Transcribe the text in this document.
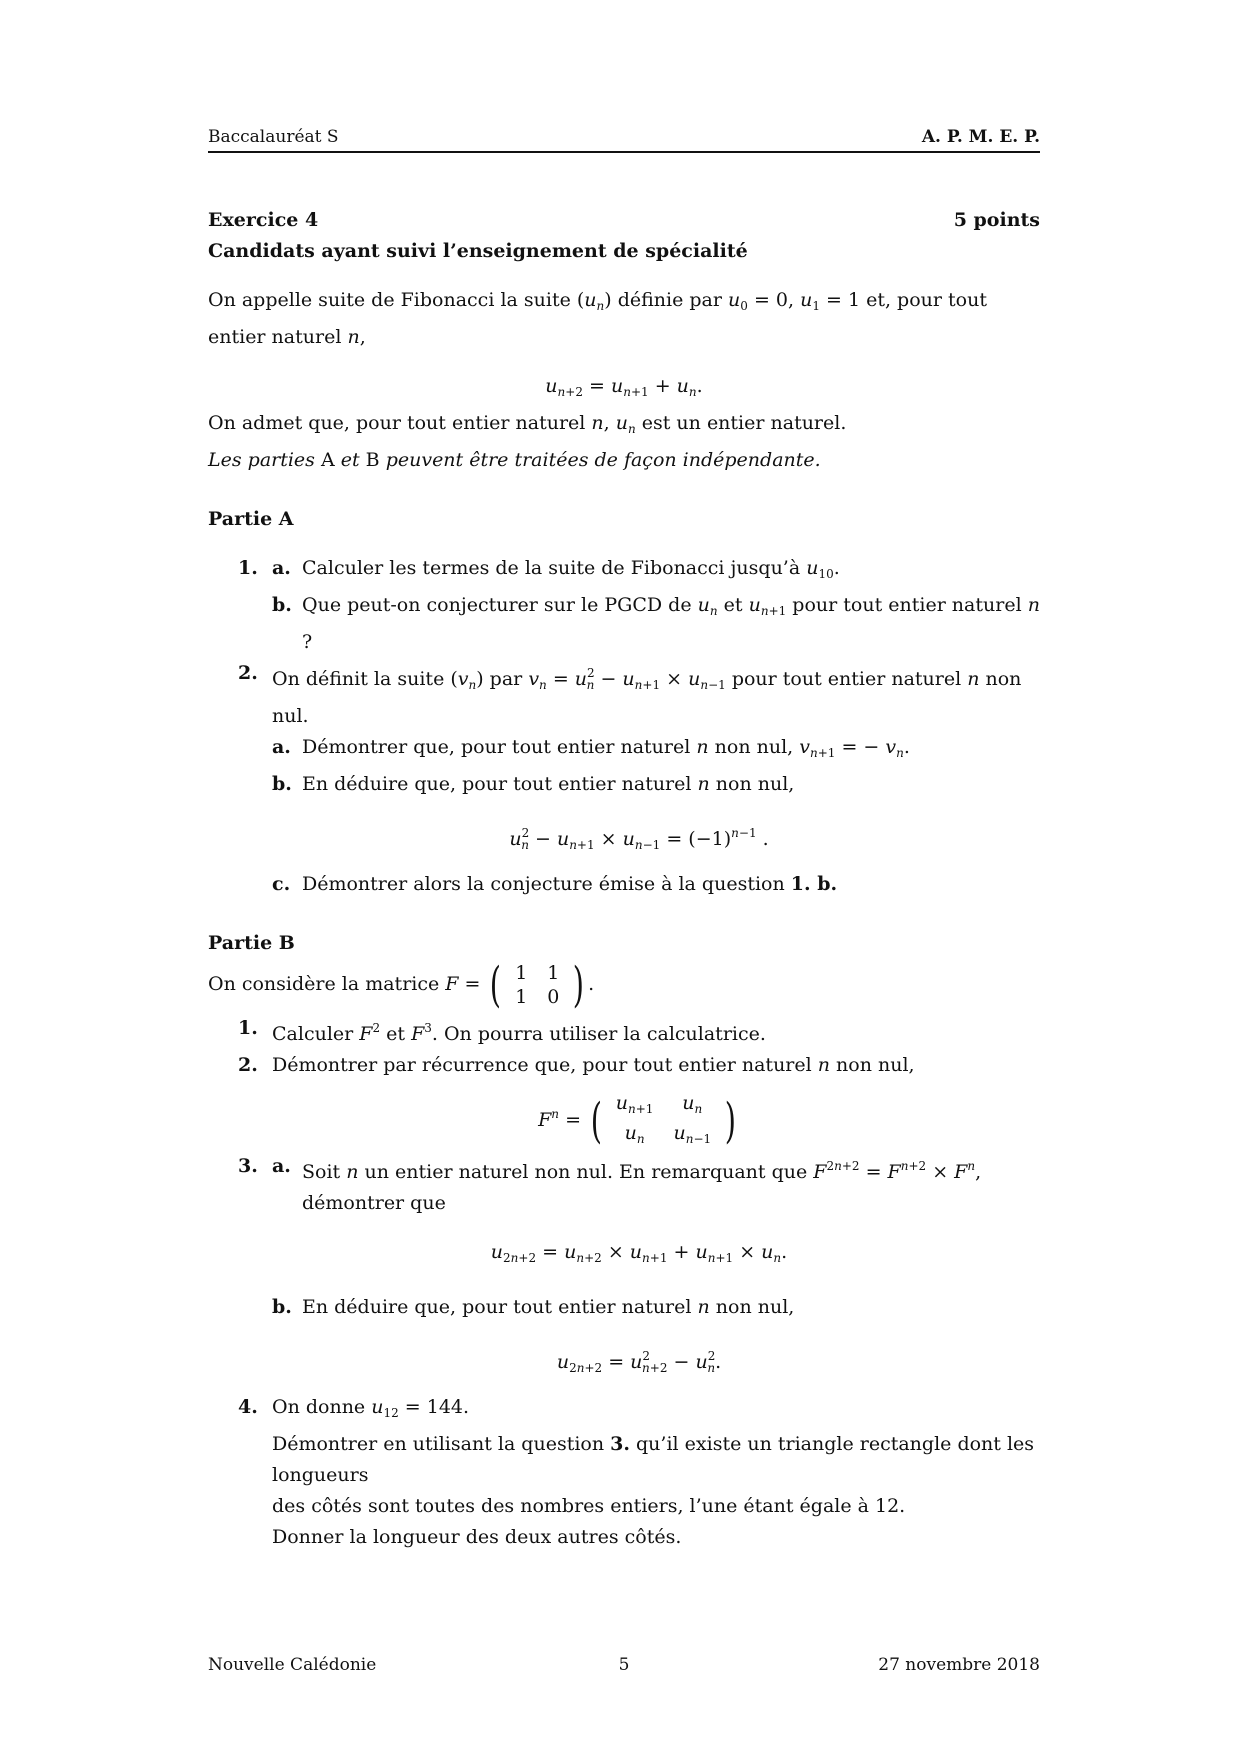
Baccalauréat S	A. P. M. E. P.
Exercice 4	5 points
Candidats ayant suivi l’enseignement de spécialité
On appelle suite de Fibonacci la suite $(u_n)$ définie par $u_0 = 0$, $u_1 = 1$ et, pour tout entier naturel n,
$u_{n+2} = u_{n+1} + u_n$.
On admet que, pour tout entier naturel n, $u_n$ est un entier naturel.
Les parties A et B peuvent être traitées de façon indépendante.
Partie A
1. a. Calculer les termes de la suite de Fibonacci jusqu’à $u_{10}$.
b. Que peut-on conjecturer sur le PGCD de $u_n$ et $u_{n+1}$ pour tout entier naturel n ?
2. On définit la suite $(v_n)$ par $v_n = u^2_n - u_{n+1} \times u_{n-1}$ pour tout entier naturel n non nul.
a. Démontrer que, pour tout entier naturel n non nul, $v_{n+1}$ = − $v_n$.
b. En déduire que, pour tout entier naturel n non nul,
$u^2_n - u_{n+1} \times u_{n-1} = (-1)^{n-1}$ .
c. Démontrer alors la conjecture émise à la question 1. b.
Partie B
On considère la matrice F = ( 1	1
1	0 ) .
1. Calculer $F^2$ et $F^3$. On pourra utiliser la calculatrice.
2. Démontrer par récurrence que, pour tout entier naturel n non nul,
$F^n$ = ( $u_{n+1}$	$u_n$
$u_n$	$u_{n-1}$ )
3. a. Soit n un entier naturel non nul. En remarquant que $F^{2n+2} = F^{n+2} \times F^n$, démontrer que
$u_{2n+2} = u_{n+2} \times u_{n+1} + u_{n+1} \times u_n$.
b. En déduire que, pour tout entier naturel n non nul,
$u_{2n+2} = u^2_{n+2} - u^2_n$.
4. On donne $u_{12} = 144$.
Démontrer en utilisant la question 3. qu’il existe un triangle rectangle dont les longueurs
des côtés sont toutes des nombres entiers, l’une étant égale à 12.
Donner la longueur des deux autres côtés.
Nouvelle Calédonie	5	27 novembre 2018
